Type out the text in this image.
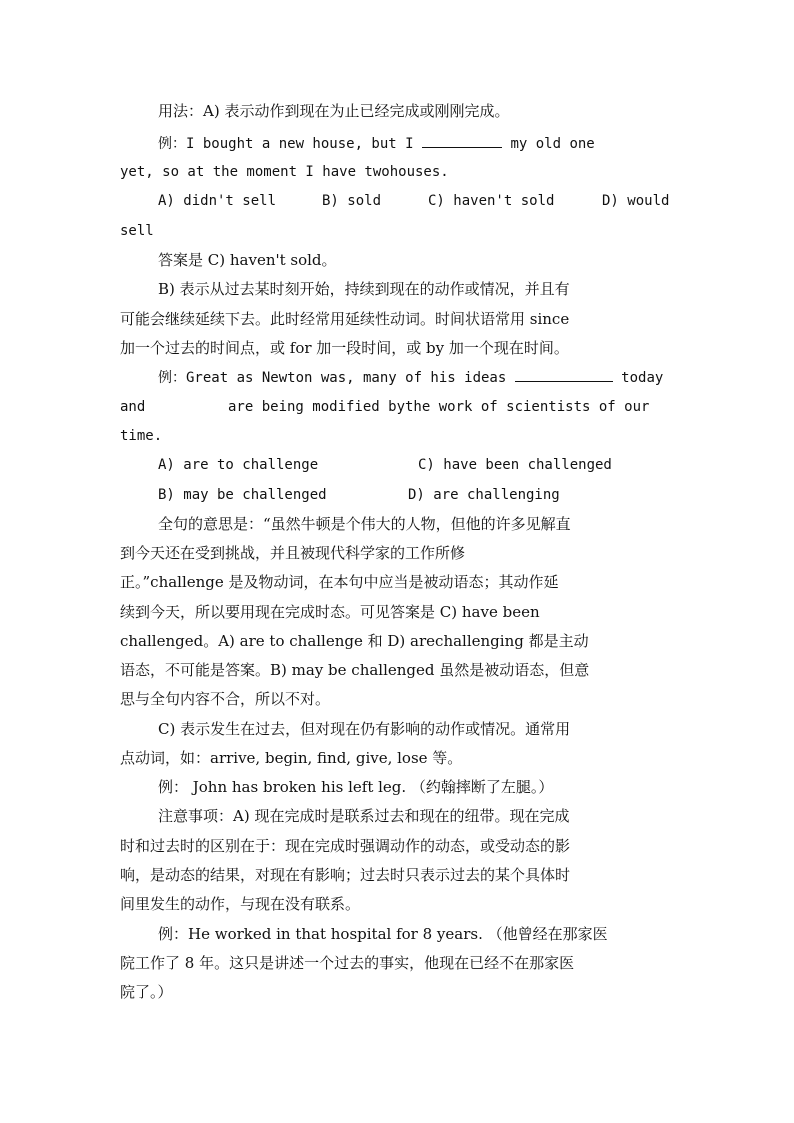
用法：A) 表示动作到现在为止已经完成或刚刚完成。
例：I bought a new house, but I	my old one
yet, so at the moment I have twohouses.
A) didn't sell	B) sold	C) haven't sold	D) would
sell
答案是 C) haven't sold。
B) 表示从过去某时刻开始，持续到现在的动作或情况，并且有
可能会继续延续下去。此时经常用延续性动词。时间状语常用 since
加一个过去的时间点，或 for 加一段时间，或 by 加一个现在时间。
例：Great as Newton was, many of his ideas	today
and	are being modified bythe work of scientists of our
time.
A) are to challenge	C) have been challenged
B) may be challenged	D) are challenging
全句的意思是：“虽然牛顿是个伟大的人物，但他的许多见解直
到今天还在受到挑战，并且被现代科学家的工作所修
正。”challenge 是及物动词，在本句中应当是被动语态；其动作延
续到今天，所以要用现在完成时态。可见答案是 C) have been
challenged。A) are to challenge 和 D) arechallenging 都是主动
语态，不可能是答案。B) may be challenged 虽然是被动语态，但意
思与全句内容不合，所以不对。
C) 表示发生在过去，但对现在仍有影响的动作或情况。通常用
点动词，如：arrive, begin, find, give, lose 等。
例： John has broken his left leg. （约翰摔断了左腿。）
注意事项：A) 现在完成时是联系过去和现在的纽带。现在完成
时和过去时的区别在于：现在完成时强调动作的动态，或受动态的影
响，是动态的结果，对现在有影响；过去时只表示过去的某个具体时
间里发生的动作，与现在没有联系。
例：He worked in that hospital for 8 years. （他曾经在那家医
院工作了 8 年。这只是讲述一个过去的事实，他现在已经不在那家医
院了。）
